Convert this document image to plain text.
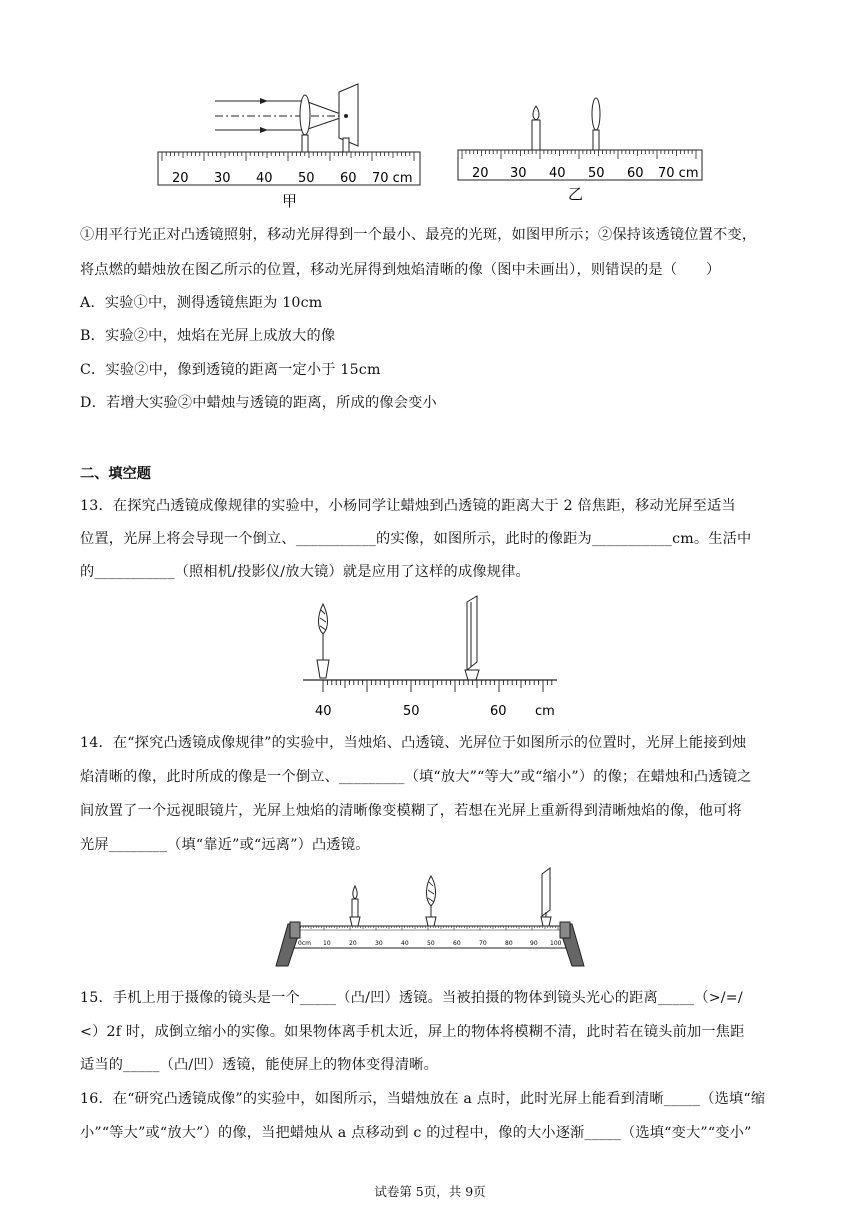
20 30 40 50 60 70 cm
甲
20 30 40 50 60 70 cm
乙
①用平行光正对凸透镜照射，移动光屏得到一个最小、最亮的光斑，如图甲所示；②保持该透镜位置不变，
将点燃的蜡烛放在图乙所示的位置，移动光屏得到烛焰清晰的像（图中未画出），则错误的是（　　）
A．实验①中，测得透镜焦距为 10cm
B．实验②中，烛焰在光屏上成放大的像
C．实验②中，像到透镜的距离一定小于 15cm
D．若增大实验②中蜡烛与透镜的距离，所成的像会变小
二、填空题
13．在探究凸透镜成像规律的实验中，小杨同学让蜡烛到凸透镜的距离大于 2 倍焦距，移动光屏至适当
位置，光屏上将会导现一个倒立、___________的实像，如图所示，此时的像距为___________cm。生活中
的___________（照相机/投影仪/放大镜）就是应用了这样的成像规律。
40	50	60 cm
14．在“探究凸透镜成像规律”的实验中，当烛焰、凸透镜、光屏位于如图所示的位置时，光屏上能接到烛
焰清晰的像，此时所成的像是一个倒立、_________（填“放大”“等大”或“缩小”）的像；在蜡烛和凸透镜之
间放置了一个远视眼镜片，光屏上烛焰的清晰像变模糊了，若想在光屏上重新得到清晰烛焰的像，他可将
光屏________（填“靠近”或“远离”）凸透镜。
0cm 10	20	30	40	50	60	70	80	90 100
15．手机上用于摄像的镜头是一个_____（凸/凹）透镜。当被拍摄的物体到镜头光心的距离_____（>/=/
<）2f 时，成倒立缩小的实像。如果物体离手机太近，屏上的物体将模糊不清，此时若在镜头前加一焦距
适当的_____（凸/凹）透镜，能使屏上的物体变得清晰。
16．在“研究凸透镜成像”的实验中，如图所示，当蜡烛放在 a 点时，此时光屏上能看到清晰_____（选填“缩
小”“等大”或“放大”）的像，当把蜡烛从 a 点移动到 c 的过程中，像的大小逐渐_____（选填“变大”“变小”
试卷第 5页，共 9页
